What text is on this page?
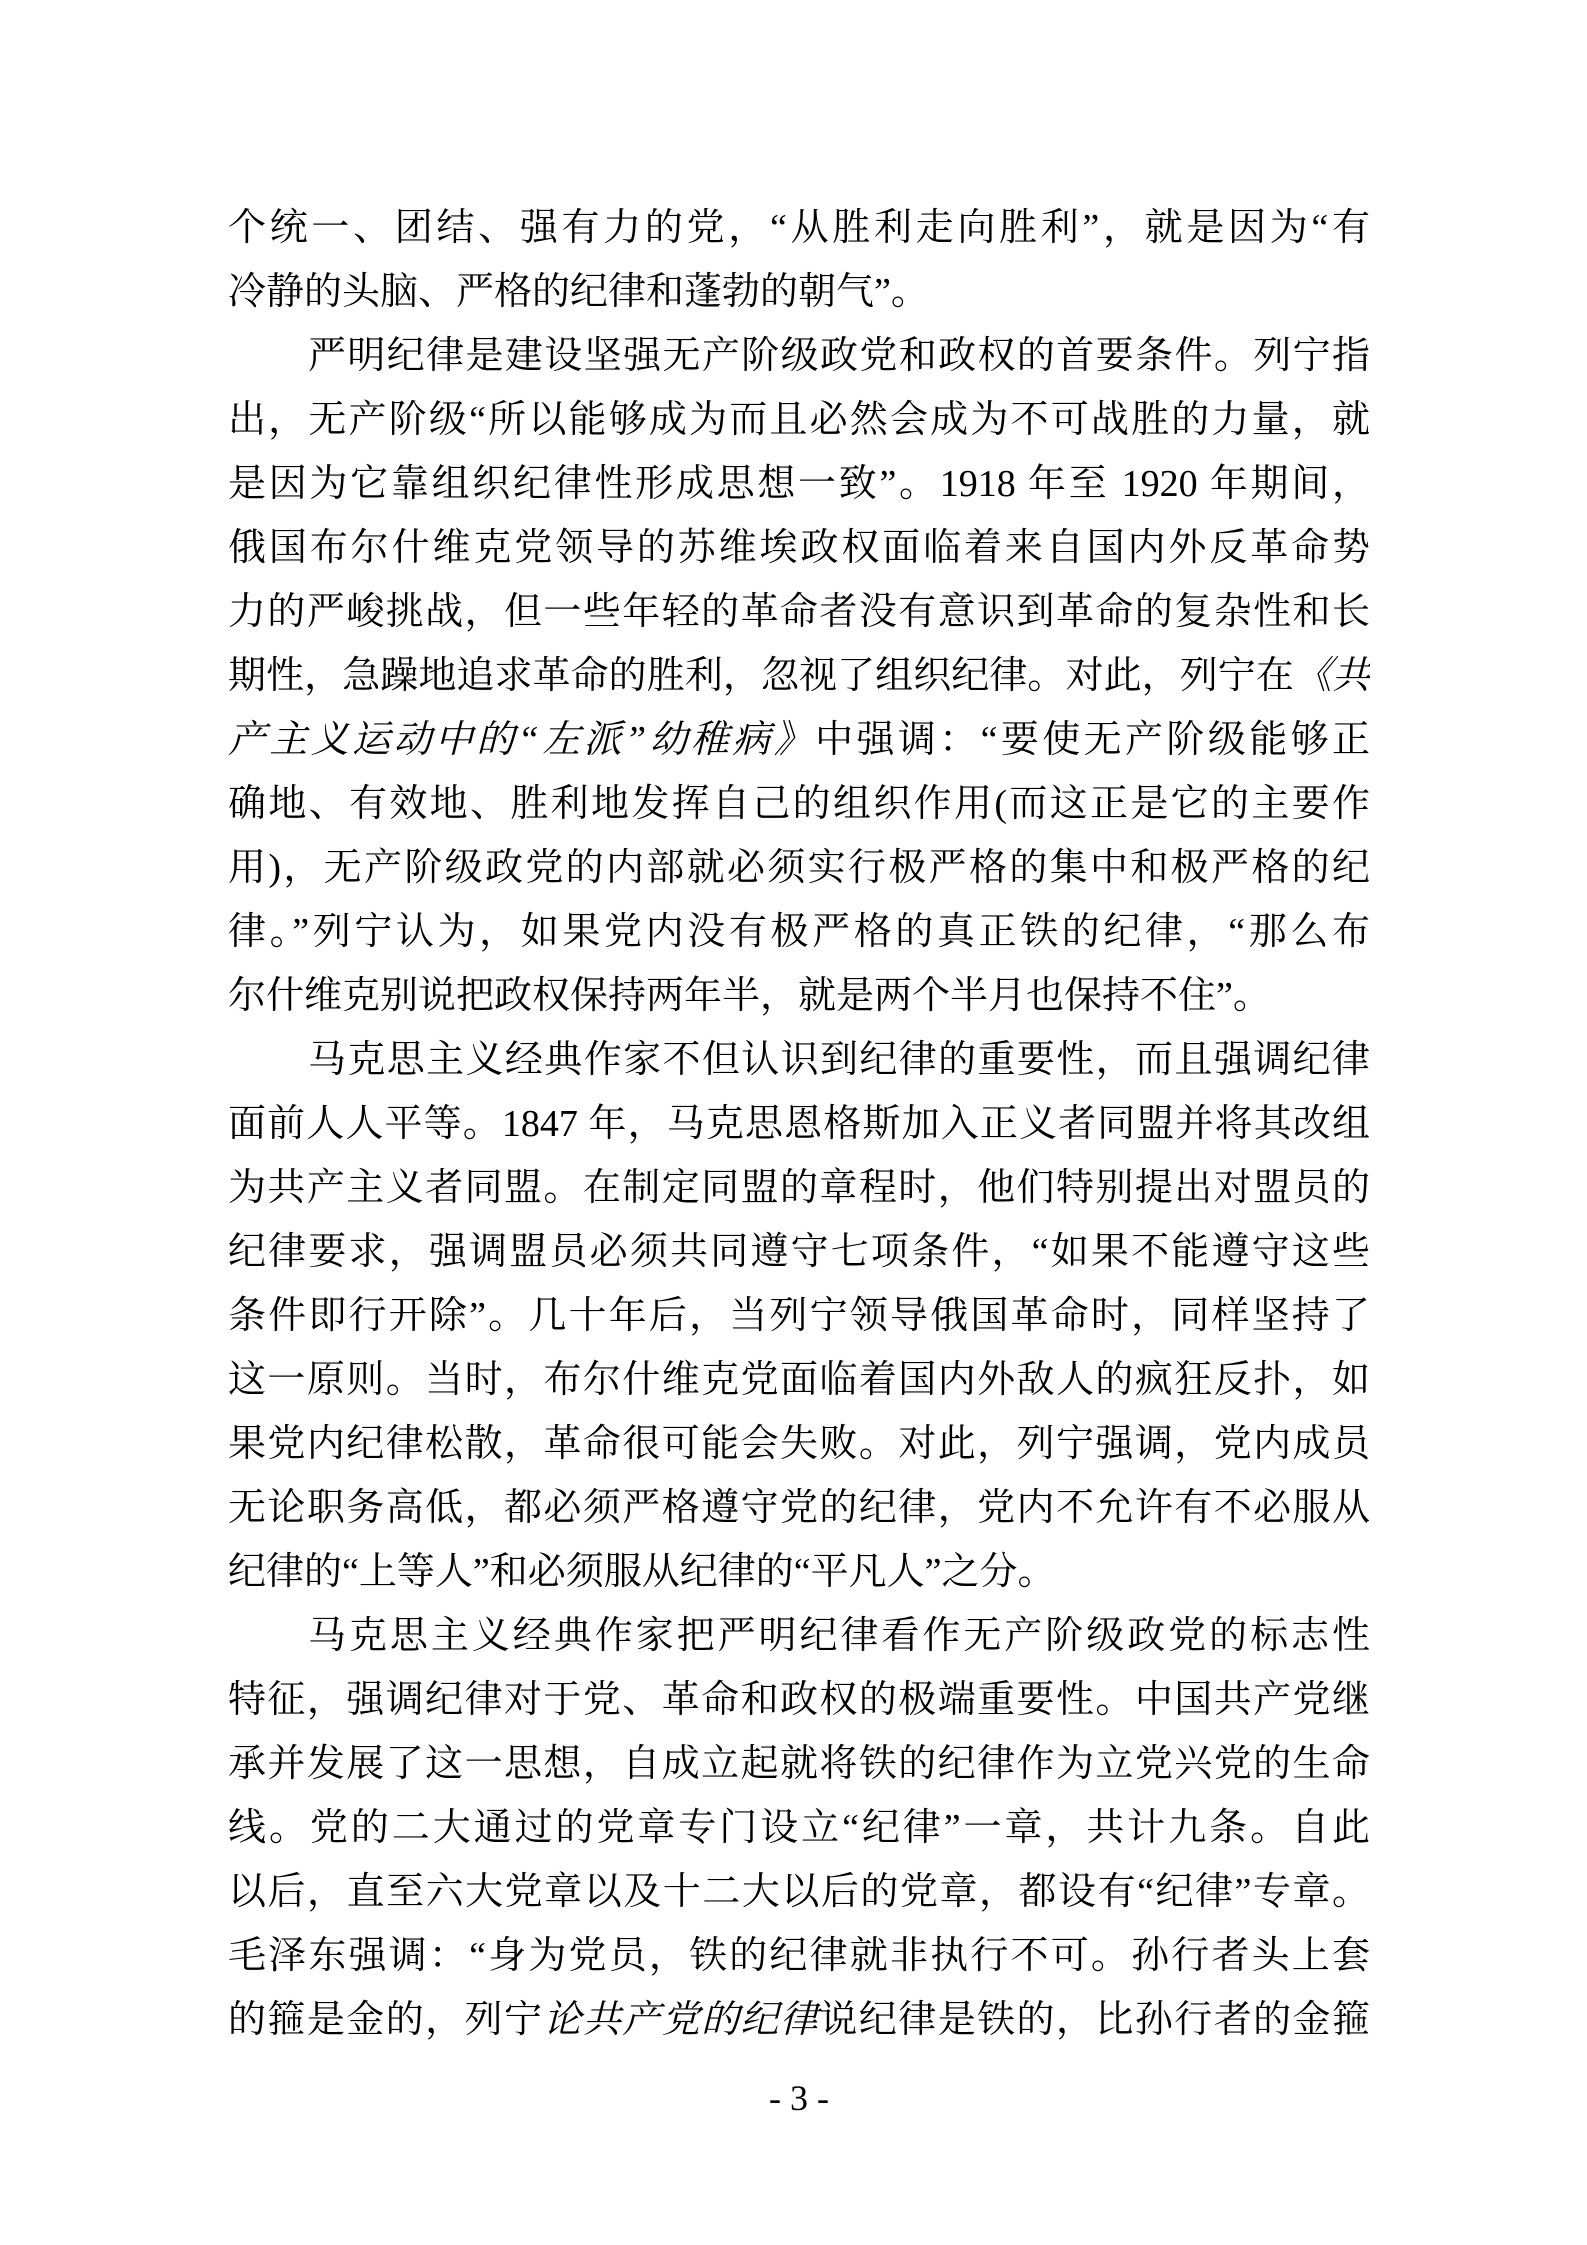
个统一、团结、强有力的党，“从胜利走向胜利”，就是因为“有
冷静的头脑、严格的纪律和蓬勃的朝气”。
严明纪律是建设坚强无产阶级政党和政权的首要条件。列宁指
出，无产阶级“所以能够成为而且必然会成为不可战胜的力量，就
是因为它靠组织纪律性形成思想一致”。1918 年至 1920 年期间，
俄国布尔什维克党领导的苏维埃政权面临着来自国内外反革命势
力的严峻挑战，但一些年轻的革命者没有意识到革命的复杂性和长
期性，急躁地追求革命的胜利，忽视了组织纪律。对此，列宁在《共
产主义运动中的“左派”幼稚病》中强调：“要使无产阶级能够正
确地、有效地、胜利地发挥自己的组织作用(而这正是它的主要作
用)，无产阶级政党的内部就必须实行极严格的集中和极严格的纪
律。”列宁认为，如果党内没有极严格的真正铁的纪律，“那么布
尔什维克别说把政权保持两年半，就是两个半月也保持不住”。
马克思主义经典作家不但认识到纪律的重要性，而且强调纪律
面前人人平等。1847 年，马克思恩格斯加入正义者同盟并将其改组
为共产主义者同盟。在制定同盟的章程时，他们特别提出对盟员的
纪律要求，强调盟员必须共同遵守七项条件，“如果不能遵守这些
条件即行开除”。几十年后，当列宁领导俄国革命时，同样坚持了
这一原则。当时，布尔什维克党面临着国内外敌人的疯狂反扑，如
果党内纪律松散，革命很可能会失败。对此，列宁强调，党内成员
无论职务高低，都必须严格遵守党的纪律，党内不允许有不必服从
纪律的“上等人”和必须服从纪律的“平凡人”之分。
马克思主义经典作家把严明纪律看作无产阶级政党的标志性
特征，强调纪律对于党、革命和政权的极端重要性。中国共产党继
承并发展了这一思想，自成立起就将铁的纪律作为立党兴党的生命
线。党的二大通过的党章专门设立“纪律”一章，共计九条。自此
以后，直至六大党章以及十二大以后的党章，都设有“纪律”专章。
毛泽东强调：“身为党员，铁的纪律就非执行不可。孙行者头上套
的箍是金的，列宁论共产党的纪律说纪律是铁的，比孙行者的金箍
- 3 -
